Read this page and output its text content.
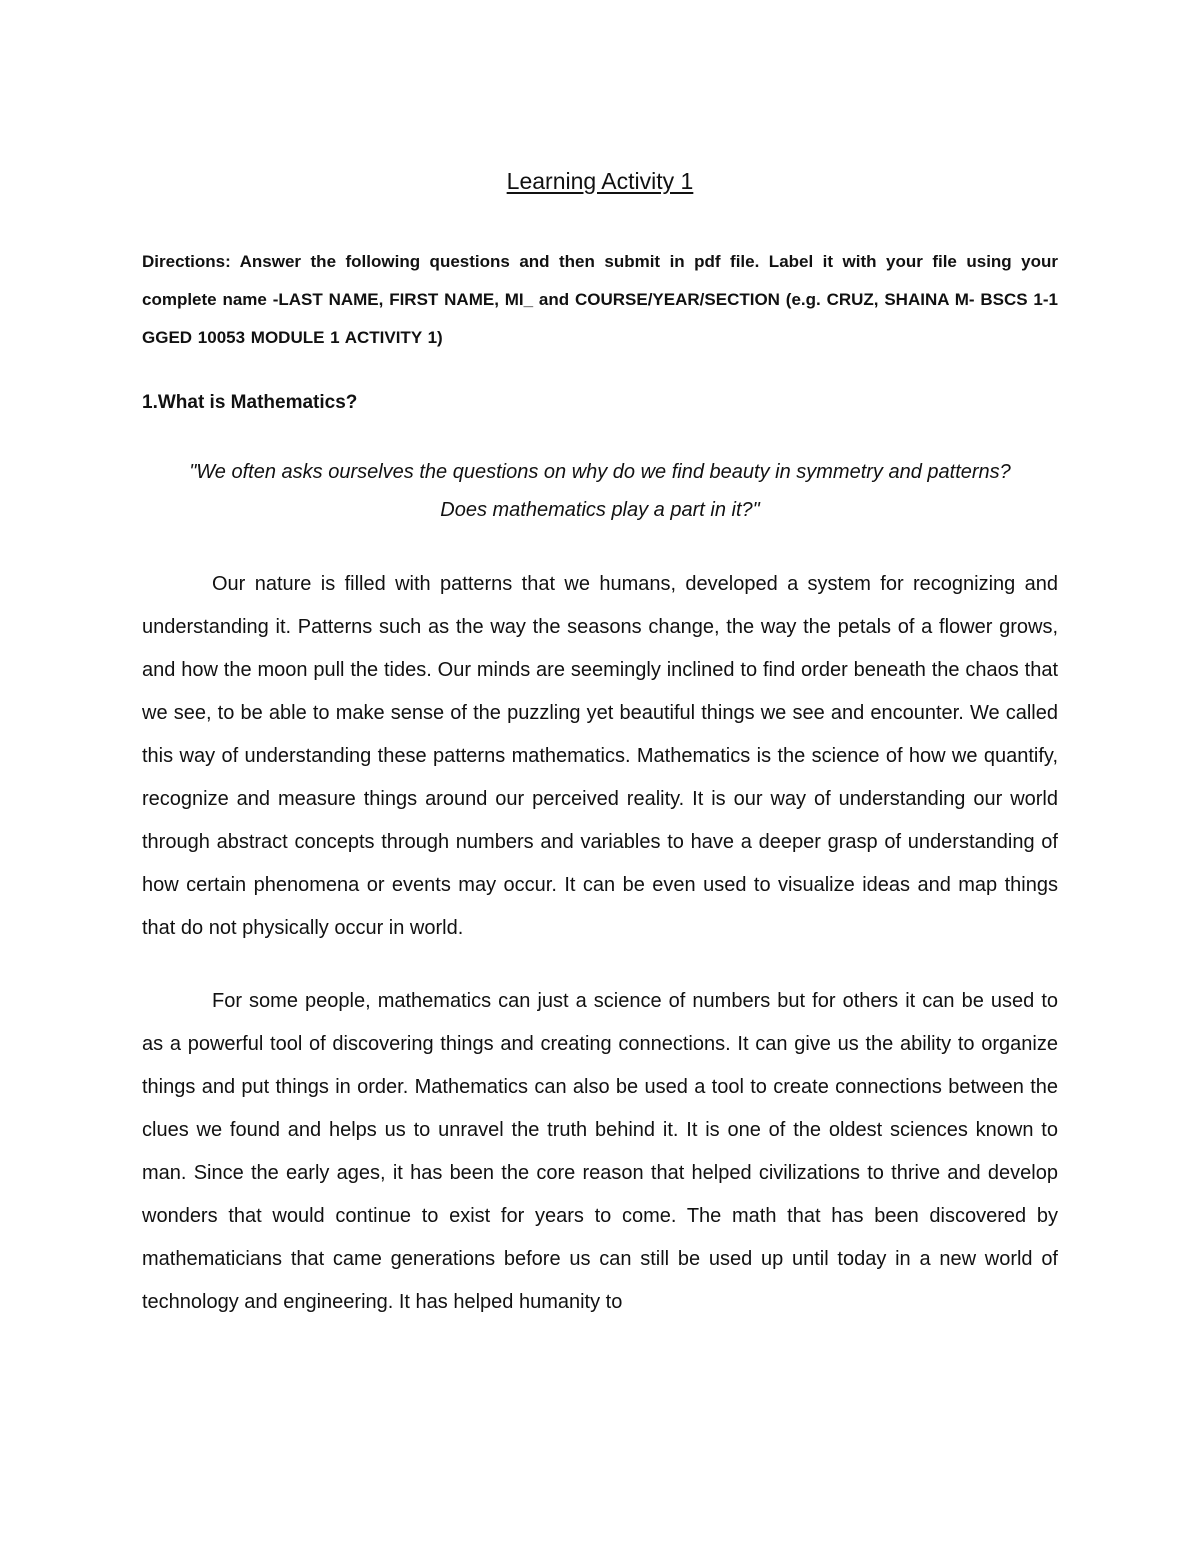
Learning Activity 1

Directions: Answer the following questions and then submit in pdf file. Label it with your file using your complete name -LAST NAME, FIRST NAME, MI_ and COURSE/YEAR/SECTION (e.g. CRUZ, SHAINA M- BSCS 1-1 GGED 10053 MODULE 1 ACTIVITY 1)

1.What is Mathematics?

"We often asks ourselves the questions on why do we find beauty in symmetry and patterns?
Does mathematics play a part in it?"

Our nature is filled with patterns that we humans, developed a system for recognizing and understanding it. Patterns such as the way the seasons change, the way the petals of a flower grows, and how the moon pull the tides. Our minds are seemingly inclined to find order beneath the chaos that we see, to be able to make sense of the puzzling yet beautiful things we see and encounter. We called this way of understanding these patterns mathematics. Mathematics is the science of how we quantify, recognize and measure things around our perceived reality. It is our way of understanding our world through abstract concepts through numbers and variables to have a deeper grasp of understanding of how certain phenomena or events may occur. It can be even used to visualize ideas and map things that do not physically occur in world.

For some people, mathematics can just a science of numbers but for others it can be used to as a powerful tool of discovering things and creating connections. It can give us the ability to organize things and put things in order. Mathematics can also be used a tool to create connections between the clues we found and helps us to unravel the truth behind it. It is one of the oldest sciences known to man. Since the early ages, it has been the core reason that helped civilizations to thrive and develop wonders that would continue to exist for years to come. The math that has been discovered by mathematicians that came generations before us can still be used up until today in a new world of technology and engineering. It has helped humanity to
